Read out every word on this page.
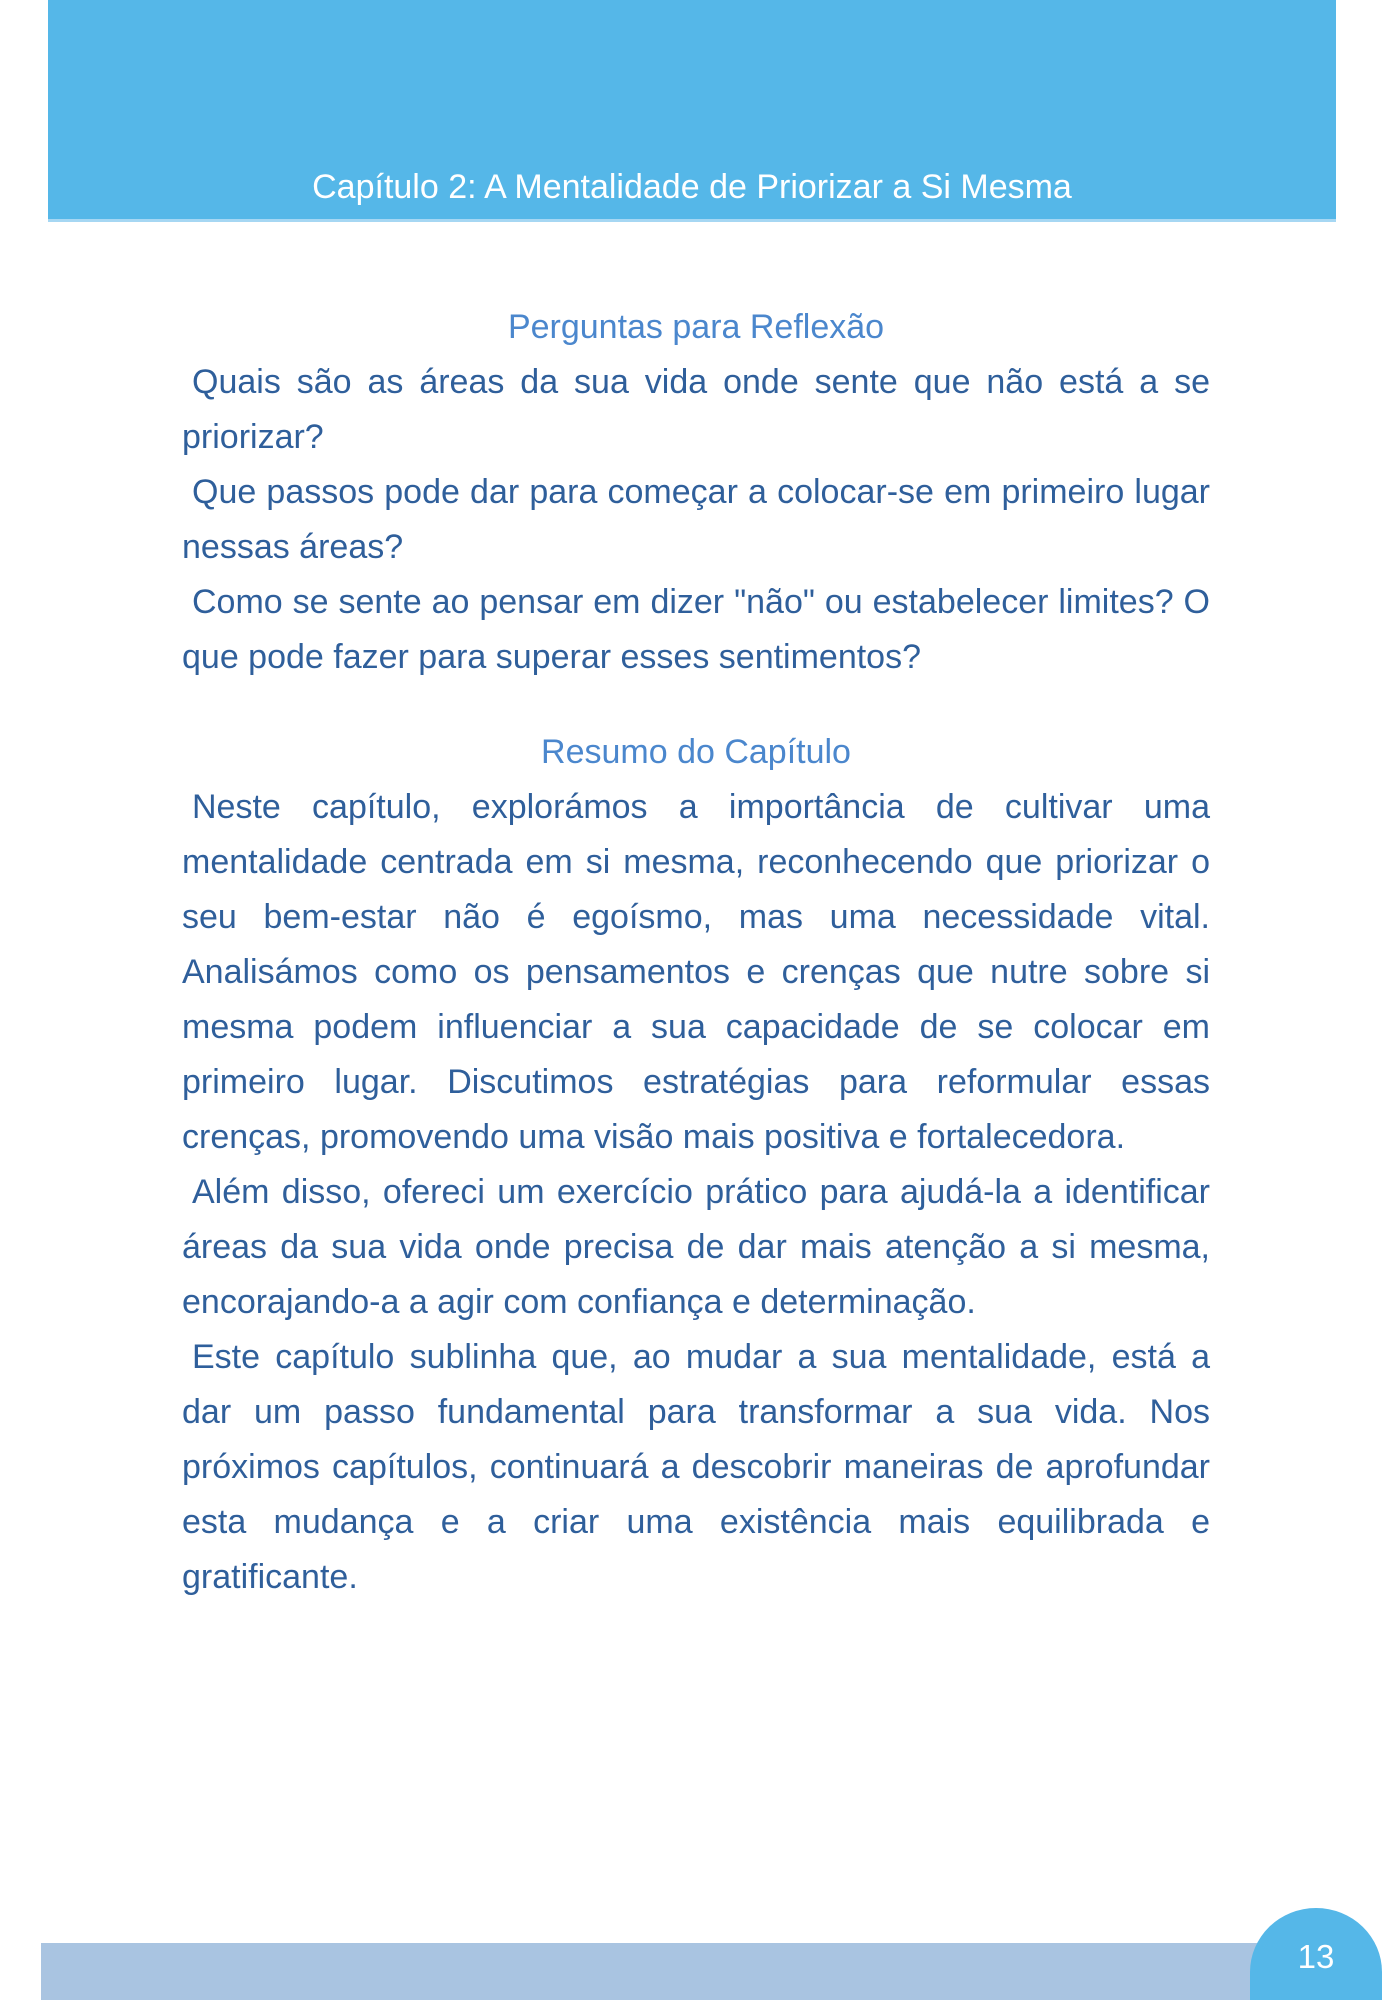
Capítulo 2: A Mentalidade de Priorizar a Si Mesma
Perguntas para Reflexão

Quais são as áreas da sua vida onde sente que não está a se priorizar?

Que passos pode dar para começar a colocar-se em primeiro lugar nessas áreas?

Como se sente ao pensar em dizer "não" ou estabelecer limites? O que pode fazer para superar esses sentimentos?

Resumo do Capítulo

Neste capítulo, explorámos a importância de cultivar uma mentalidade centrada em si mesma, reconhecendo que priorizar o seu bem-estar não é egoísmo, mas uma necessidade vital. Analisámos como os pensamentos e crenças que nutre sobre si mesma podem influenciar a sua capacidade de se colocar em primeiro lugar. Discutimos estratégias para reformular essas crenças, promovendo uma visão mais positiva e fortalecedora.

Além disso, ofereci um exercício prático para ajudá-la a identificar áreas da sua vida onde precisa de dar mais atenção a si mesma, encorajando-a a agir com confiança e determinação.

Este capítulo sublinha que, ao mudar a sua mentalidade, está a dar um passo fundamental para transformar a sua vida. Nos próximos capítulos, continuará a descobrir maneiras de aprofundar esta mudança e a criar uma existência mais equilibrada e gratificante.

13
